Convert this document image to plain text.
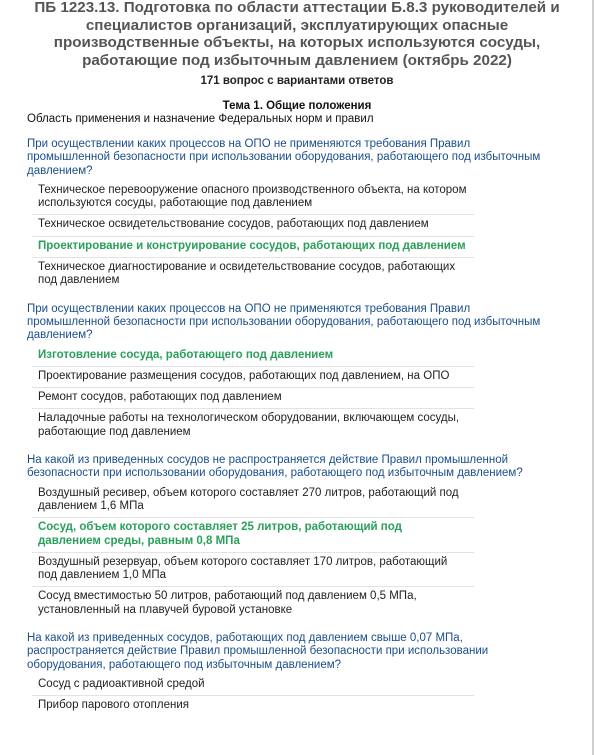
ПБ 1223.13. Подготовка по области аттестации Б.8.3 руководителей и специалистов организаций, эксплуатирующих опасные производственные объекты, на которых используются сосуды, работающие под избыточным давлением (октябрь 2022)
171 вопрос с вариантами ответов
Тема 1. Общие положения
Область применения и назначение Федеральных норм и правил
При осуществлении каких процессов на ОПО не применяются требования Правил промышленной безопасности при использовании оборудования, работающего под избыточным давлением?
Техническое перевооружение опасного производственного объекта, на котором используются сосуды, работающие под давлением
Техническое освидетельствование сосудов, работающих под давлением
Проектирование и конструирование сосудов, работающих под давлением
Техническое диагностирование и освидетельствование сосудов, работающих под давлением
При осуществлении каких процессов на ОПО не применяются требования Правил промышленной безопасности при использовании оборудования, работающего под избыточным давлением?
Изготовление сосуда, работающего под давлением
Проектирование размещения сосудов, работающих под давлением, на ОПО
Ремонт сосудов, работающих под давлением
Наладочные работы на технологическом оборудовании, включающем сосуды, работающие под давлением
На какой из приведенных сосудов не распространяется действие Правил промышленной безопасности при использовании оборудования, работающего под избыточным давлением?
Воздушный ресивер, объем которого составляет 270 литров, работающий под давлением 1,6 МПа
Сосуд, объем которого составляет 25 литров, работающий под давлением среды, равным 0,8 МПа
Воздушный резервуар, объем которого составляет 170 литров, работающий под давлением 1,0 МПа
Сосуд вместимостью 50 литров, работающий под давлением 0,5 МПа, установленный на плавучей буровой установке
На какой из приведенных сосудов, работающих под давлением свыше 0,07 МПа, распространяется действие Правил промышленной безопасности при использовании оборудования, работающего под избыточным давлением?
Сосуд с радиоактивной средой
Прибор парового отопления
